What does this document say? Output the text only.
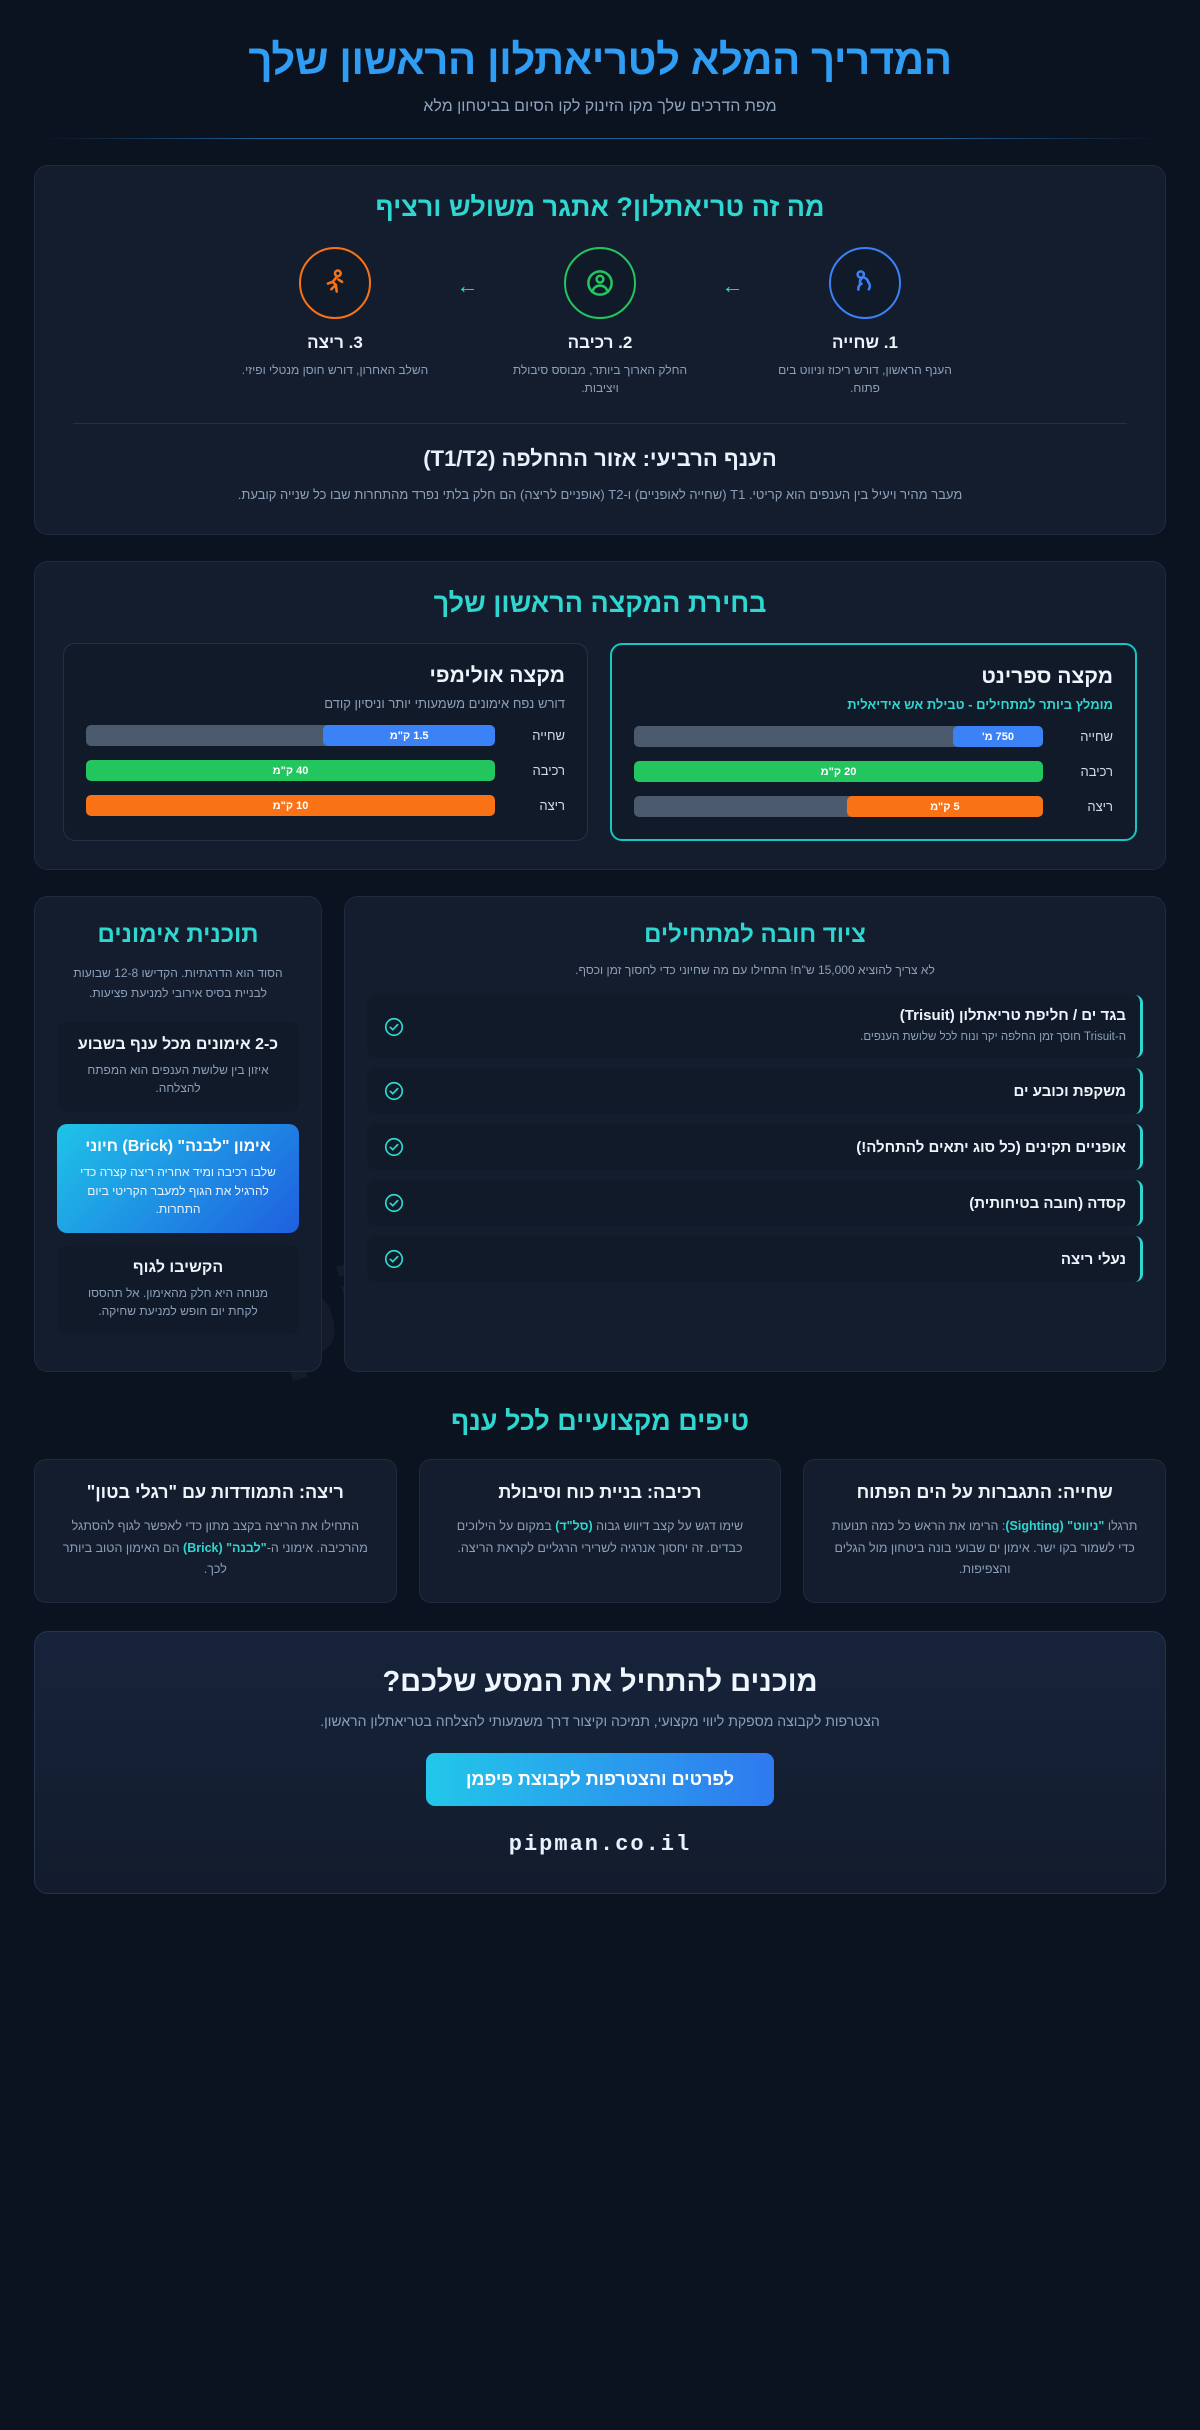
המדריך המלא לטריאתלון הראשון שלך
מפת הדרכים שלך מקו הזינוק לקו הסיום בביטחון מלא
מה זה טריאתלון? אתגר משולש ורציף
1. שחייה
הענף הראשון, דורש ריכוז וניווט בים פתוח.
←
2. רכיבה
החלק הארוך ביותר, מבוסס סיבולת ויציבות.
←
3. ריצה
השלב האחרון, דורש חוסן מנטלי ופיזי.
הענף הרביעי: אזור ההחלפה (T1/T2)
מעבר מהיר ויעיל בין הענפים הוא קריטי. T1 (שחייה לאופניים) ו-T2 (אופניים לריצה) הם חלק בלתי נפרד מהתחרות שבו כל שנייה קובעת.
בחירת המקצה הראשון שלך
מקצה אולימפי
דורש נפח אימונים משמעותי יותר וניסיון קודם
שחייה
1.5 ק"מ
רכיבה
40 ק"מ
ריצה
10 ק"מ
מקצה ספרינט
מומלץ ביותר למתחילים - טבילת אש אידיאלית
שחייה
750 מ'
רכיבה
20 ק"מ
ריצה
5 ק"מ
תוכנית אימונים
הסוד הוא הדרגתיות. הקדישו 12-8 שבועות לבניית בסיס אירובי למניעת פציעות.
כ-2 אימונים מכל ענף בשבוע

איזון בין שלושת הענפים הוא המפתח להצלחה.

אימון "לבנה" (Brick) חיוני

שלבו רכיבה ומיד אחריה ריצה קצרה כדי להרגיל את הגוף למעבר הקריטי ביום התחרות.

הקשיבו לגוף

מנוחה היא חלק מהאימון. אל תהססו לקחת יום חופש למניעת שחיקה.

ציוד חובה למתחילים
לא צריך להוציא 15,000 ש"ח! התחילו עם מה שחיוני כדי לחסוך זמן וכסף.
בגד ים / חליפת טריאתלון (Trisuit)

ה-Trisuit חוסך זמן החלפה יקר ונוח לכל שלושת הענפים.

משקפת וכובע ים
אופניים תקינים (כל סוג יתאים להתחלה!)
קסדה (חובה בטיחותית)
נעלי ריצה
טיפים מקצועיים לכל ענף
ריצה: התמודדות עם "רגלי בטון"

התחילו את הריצה בקצב מתון כדי לאפשר לגוף להסתגל מהרכיבה. אימוני ה-"לבנה" (Brick) הם האימון הטוב ביותר לכך.

רכיבה: בניית כוח וסיבולת

שימו דגש על קצב דיווש גבוה (סל"ד) במקום על הילוכים כבדים. זה יחסוך אנרגיה לשרירי הרגליים לקראת הריצה.

שחייה: התגברות על הים הפתוח

תרגלו "ניווט" (Sighting): הרימו את הראש כל כמה תנועות כדי לשמור בקו ישר. אימון ים שבועי בונה ביטחון מול הגלים והצפיפות.

מוכנים להתחיל את המסע שלכם?

הצטרפות לקבוצה מספקת ליווי מקצועי, תמיכה וקיצור דרך משמעותי להצלחה בטריאתלון הראשון.

לפרטים והצטרפות לקבוצת פיפמן
pipman.co.il
